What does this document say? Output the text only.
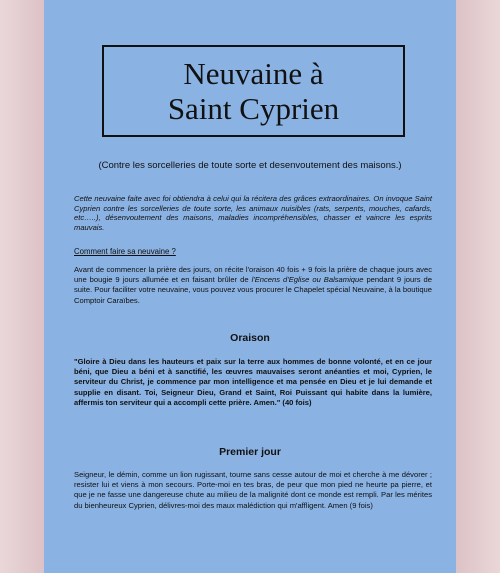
Neuvaine à
Saint Cyprien
(Contre les sorcelleries de toute sorte et desenvoutement des maisons.)
Cette neuvaine faite avec foi obtiendra à celui qui la récitera des grâces extraordinaires. On invoque Saint Cyprien contre les sorcelleries de toute sorte, les animaux nuisibles (rats, serpents, mouches, cafards, etc…..), désenvoutement des maisons, maladies incompréhensibles, chasser et vaincre les esprits mauvais.
Comment faire sa neuvaine ?
Avant de commencer la prière des jours, on récite l'oraison 40 fois + 9 fois la prière de chaque jours avec une bougie 9 jours allumée et en faisant brûler de l'Encens d'Eglise ou Balsamique pendant 9 jours de suite. Pour faciliter votre neuvaine, vous pouvez vous procurer le Chapelet spécial Neuvaine, à la boutique Comptoir Caraïbes.
Oraison
"Gloire à Dieu dans les hauteurs et paix sur la terre aux hommes de bonne volonté, et en ce jour béni, que Dieu a béni et à sanctifié, les œuvres mauvaises seront anéanties et moi, Cyprien, le serviteur du Christ, je commence par mon intelligence et ma pensée en Dieu et je lui demande et supplie en disant. Toi, Seigneur Dieu, Grand et Saint, Roi Puissant qui habite dans la lumière, affermis ton serviteur qui a accompli cette prière. Amen." (40 fois)
Premier jour
Seigneur, le démin, comme un lion rugissant, tourne sans cesse autour de moi et cherche à me dévorer ; resister lui et viens à mon secours. Porte-moi en tes bras, de peur que mon pied ne heurte pa pierre, et que je ne fasse une dangereuse chute au milieu de la malignité dont ce monde est rempli. Par les mérites du bienheureux Cyprien, délivres-moi des maux malédiction qui m'affligent. Amen (9 fois)
